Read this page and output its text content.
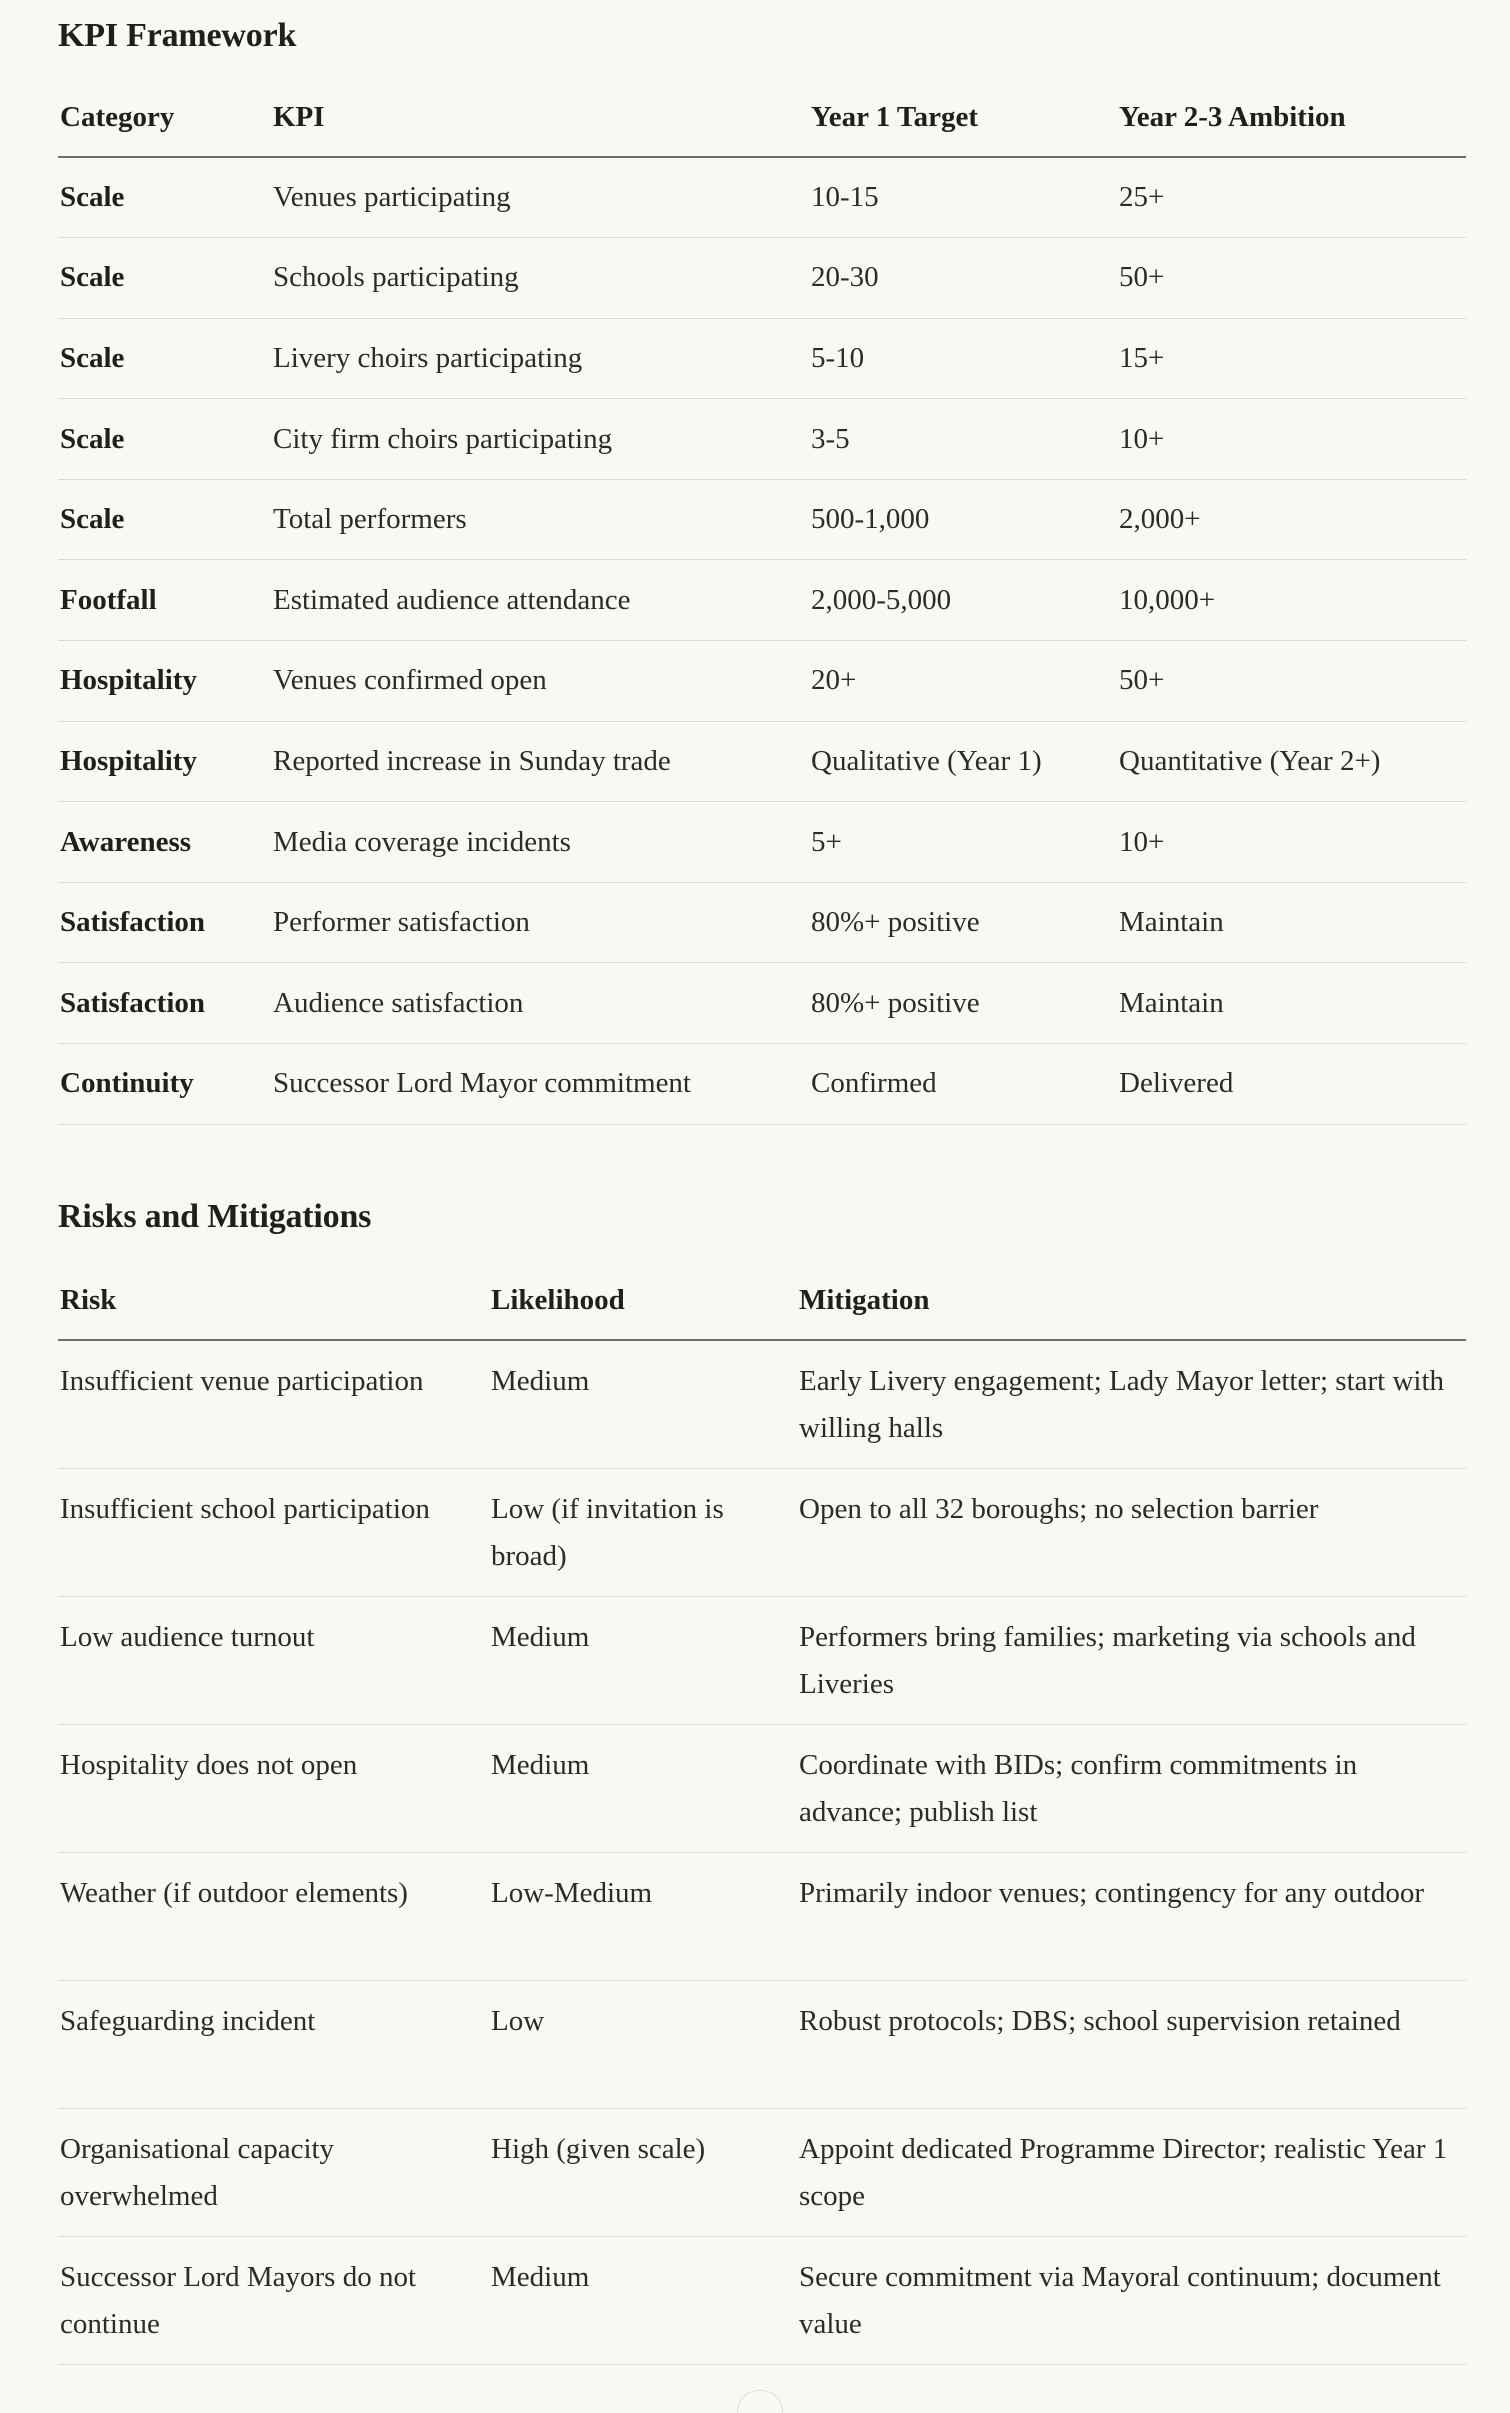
KPI Framework
Category	KPI	Year 1 Target	Year 2-3 Ambition
Scale	Venues participating	10-15	25+
Scale	Schools participating	20-30	50+
Scale	Livery choirs participating	5-10	15+
Scale	City firm choirs participating	3-5	10+
Scale	Total performers	500-1,000	2,000+
Footfall	Estimated audience attendance	2,000-5,000	10,000+
Hospitality	Venues confirmed open	20+	50+
Hospitality	Reported increase in Sunday trade	Qualitative (Year 1)	Quantitative (Year 2+)
Awareness	Media coverage incidents	5+	10+
Satisfaction	Performer satisfaction	80%+ positive	Maintain
Satisfaction	Audience satisfaction	80%+ positive	Maintain
Continuity	Successor Lord Mayor commitment	Confirmed	Delivered
Risks and Mitigations
Risk	Likelihood	Mitigation
Insufficient venue participation	Medium	Early Livery engagement; Lady Mayor letter; start with willing halls
Insufficient school participation	Low (if invitation is broad)	Open to all 32 boroughs; no selection barrier
Low audience turnout	Medium	Performers bring families; marketing via schools and Liveries
Hospitality does not open	Medium	Coordinate with BIDs; confirm commitments in advance; publish list
Weather (if outdoor elements)	Low-Medium	Primarily indoor venues; contingency for any outdoor
Safeguarding incident	Low	Robust protocols; DBS; school supervision retained
Organisational capacity overwhelmed	High (given scale)	Appoint dedicated Programme Director; realistic Year 1 scope
Successor Lord Mayors do not continue	Medium	Secure commitment via Mayoral continuum; document value
